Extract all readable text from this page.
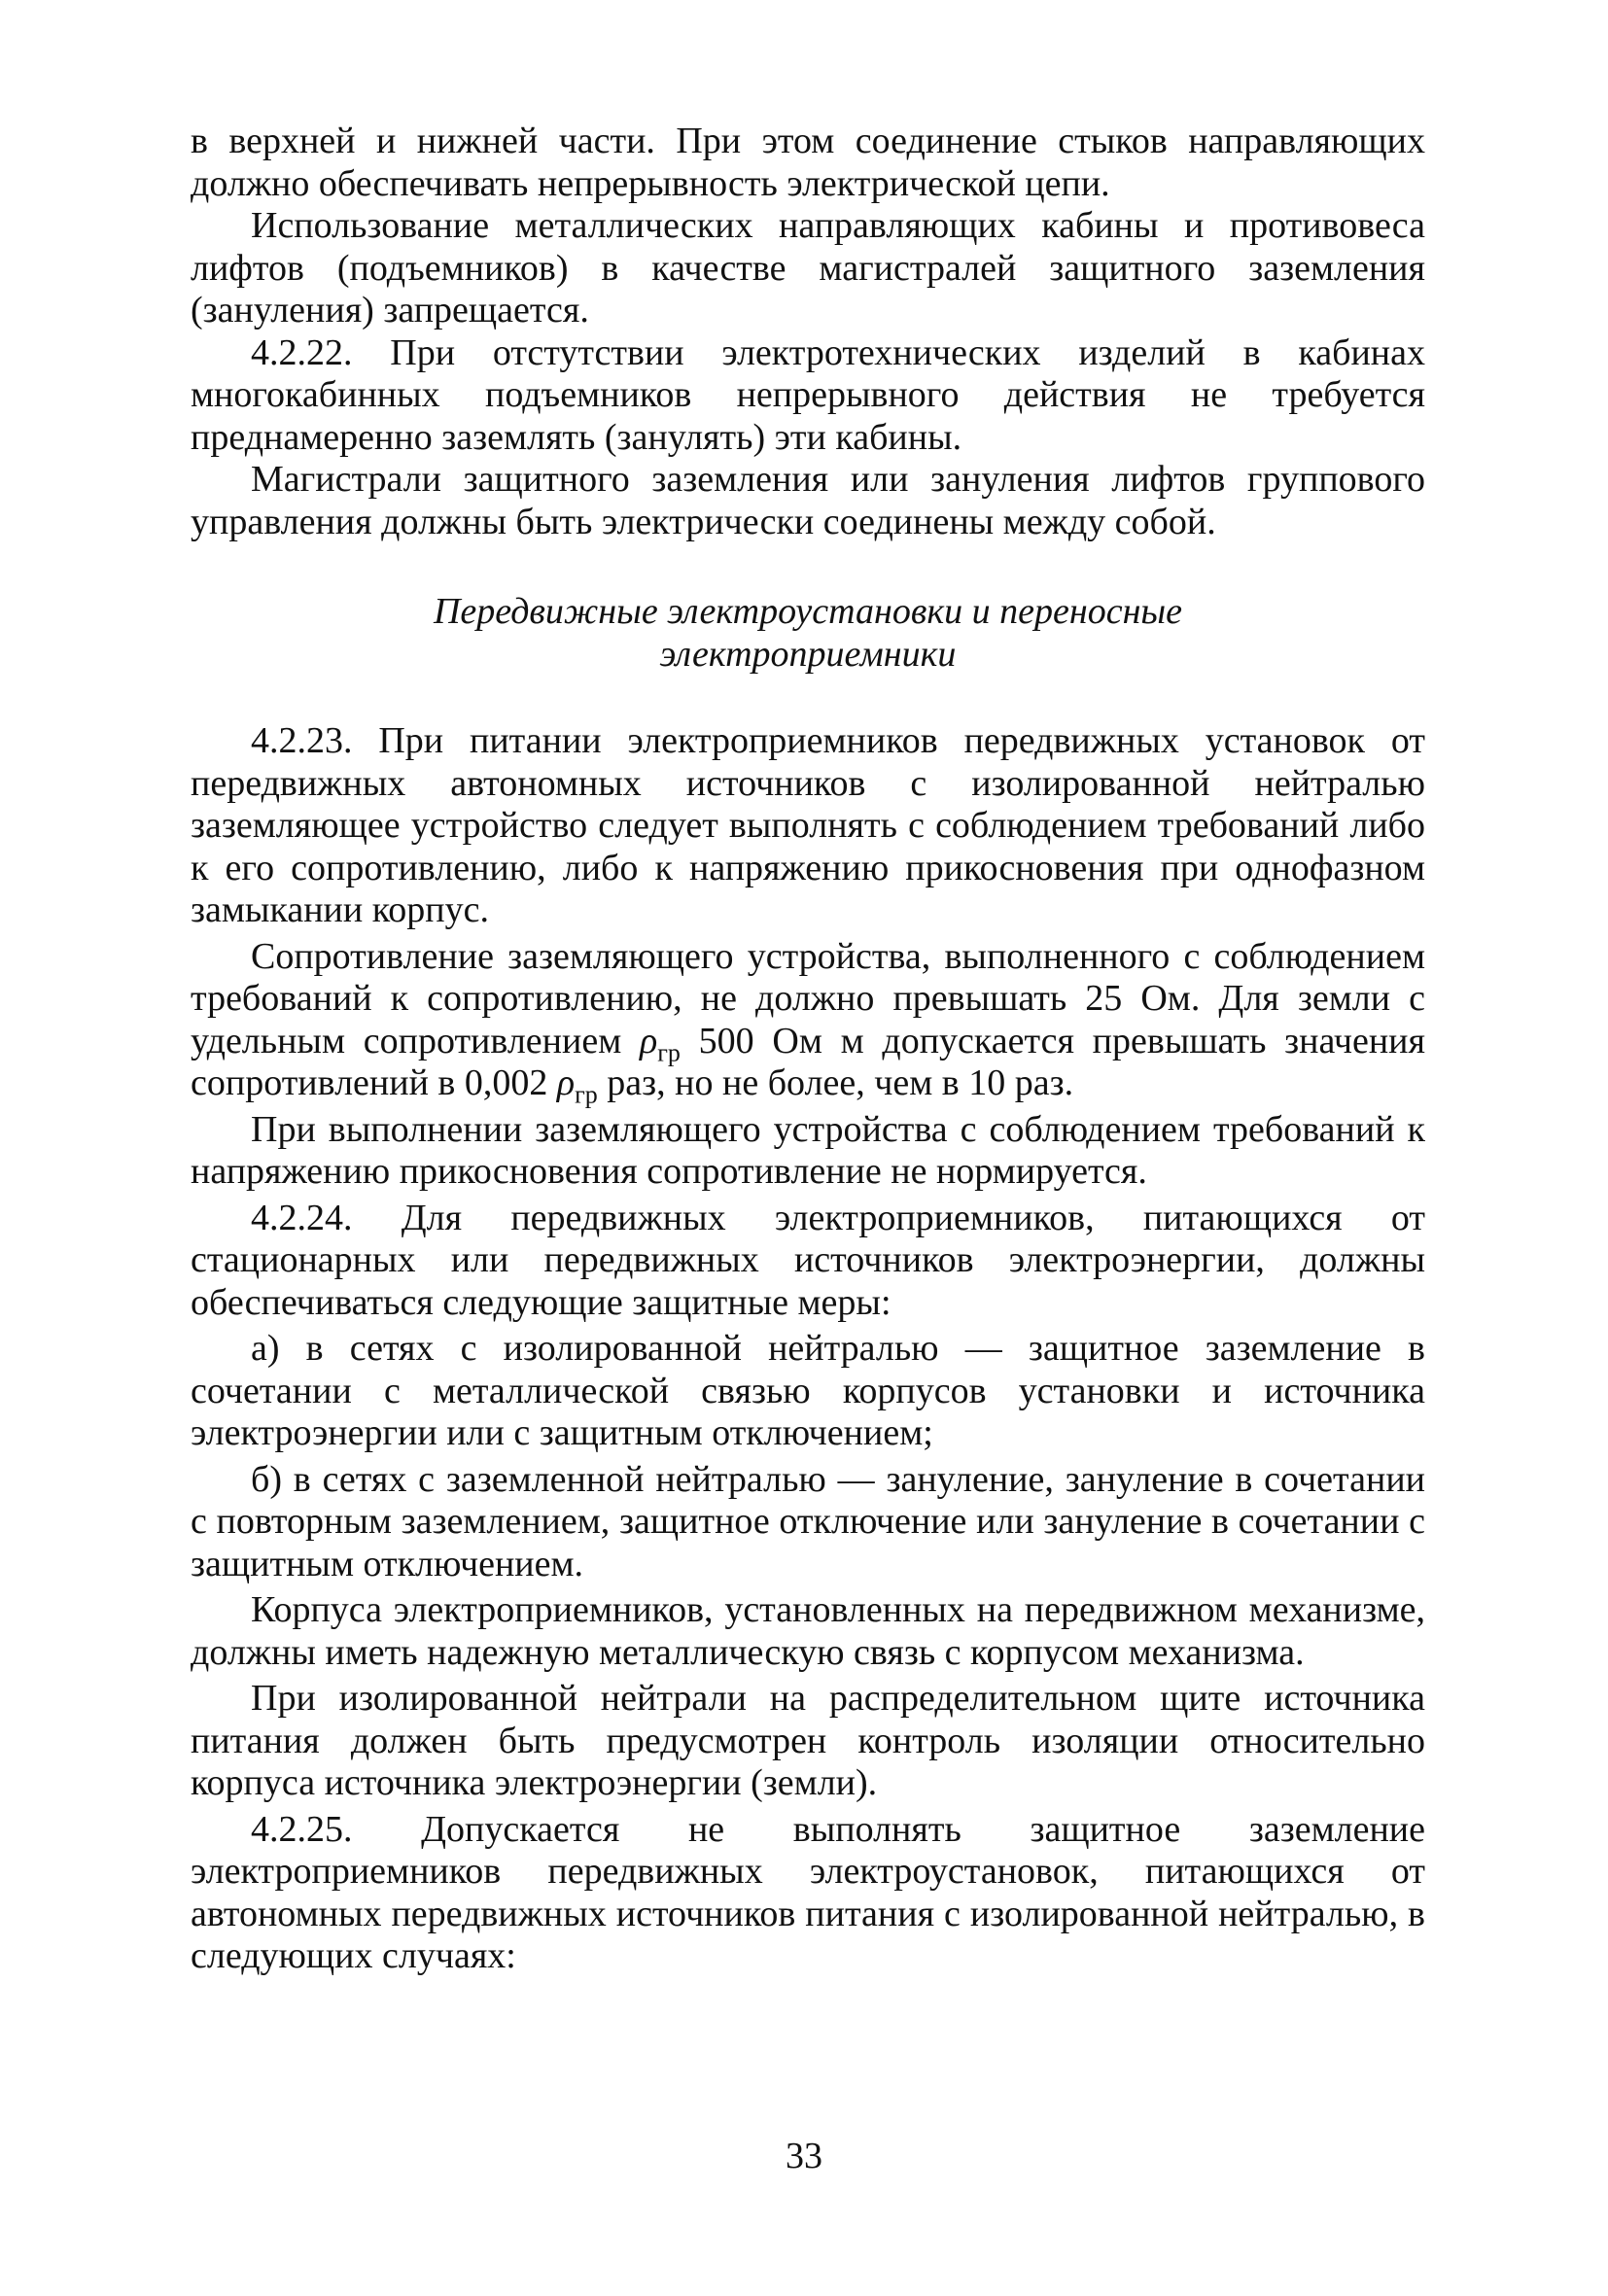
в верхней и нижней части. При этом соединение стыков направляющих должно обеспечивать непрерывность электрической цепи.

Использование металлических направляющих кабины и противовеса лифтов (подъемников) в качестве магистралей защитного заземления (зануления) запрещается.

4.2.22. При отстутствии электротехнических изделий в кабинах многокабинных подъемников непрерывного действия не требуется преднамеренно заземлять (занулять) эти кабины.

Магистрали защитного заземления или зануления лифтов группового управления должны быть электрически соединены между собой.

Передвижные электроустановки и переносные
электроприемники

4.2.23. При питании электроприемников передвижных установок от передвижных автономных источников с изолированной нейтралью заземляющее устройство следует выполнять с соблюдением требований либо к его сопротивлению, либо к напряжению прикосновения при однофазном замыкании корпус.

Сопротивление заземляющего устройства, выполненного с соблюдением требований к сопротивлению, не должно превышать 25 Ом. Для земли с удельным сопротивлением $\rho_{гр}$ 500 Ом м допускается превышать значения сопротивлений в 0,002 $\rho_{гр}$ раз, но не более, чем в 10 раз.

При выполнении заземляющего устройства с соблюдением требований к напряжению прикосновения сопротивление не нормируется.

4.2.24. Для передвижных электроприемников, питающихся от стационарных или передвижных источников электроэнергии, должны обеспечиваться следующие защитные меры:

а) в сетях с изолированной нейтралью — защитное заземление в сочетании с металлической связью корпусов установки и источника электроэнергии или с защитным отключением;

б) в сетях с заземленной нейтралью — зануление, зануление в сочетании с повторным заземлением, защитное отключение или зануление в сочетании с защитным отключением.

Корпуса электроприемников, установленных на передвижном механизме, должны иметь надежную металлическую связь с корпусом механизма.

При изолированной нейтрали на распределительном щите источника питания должен быть предусмотрен контроль изоляции относительно корпуса источника электроэнергии (земли).

4.2.25. Допускается не выполнять защитное заземление электроприемников передвижных электроустановок, питающихся от автономных передвижных источников питания с изолированной нейтралью, в следующих случаях:

33
